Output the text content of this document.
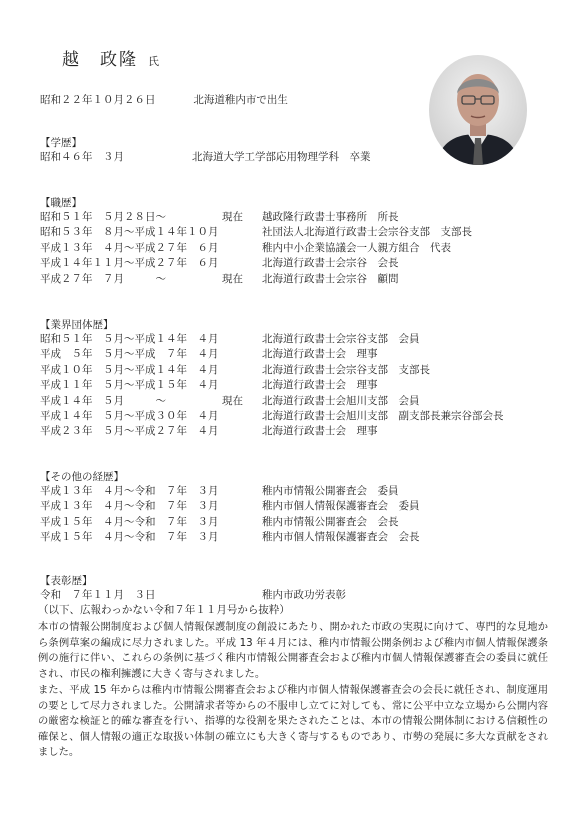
越　政隆 氏
昭和２２年１０月２６日	北海道稚内市で出生
【学歴】
昭和４６年　３月	北海道大学工学部応用物理学科　卒業
【職歴】
昭和５１年　５月２８日～	現在 越政隆行政書士事務所　所長
昭和５３年　８月～平成１４年１０月	社団法人北海道行政書士会宗谷支部　支部長
平成１３年　４月～平成２７年　６月	稚内中小企業協議会一人親方組合　代表
平成１４年１１月～平成２７年　６月	北海道行政書士会宗谷　会長
平成２７年　７月　　　～	現在 北海道行政書士会宗谷　顧問
【業界団体歴】
昭和５１年　５月～平成１４年　４月	北海道行政書士会宗谷支部　会員
平成　５年　５月～平成　７年　４月	北海道行政書士会　理事
平成１０年　５月～平成１４年　４月	北海道行政書士会宗谷支部　支部長
平成１１年　５月～平成１５年　４月	北海道行政書士会　理事
平成１４年　５月　　　～	現在 北海道行政書士会旭川支部　会員
平成１４年　５月～平成３０年　４月	北海道行政書士会旭川支部　副支部長兼宗谷部会長
平成２３年　５月～平成２７年　４月	北海道行政書士会　理事
【その他の経歴】
平成１３年　４月～令和　７年　３月	稚内市情報公開審査会　委員
平成１３年　４月～令和　７年　３月	稚内市個人情報保護審査会　委員
平成１５年　４月～令和　７年　３月	稚内市情報公開審査会　会長
平成１５年　４月～令和　７年　３月	稚内市個人情報保護審査会　会長
【表彰歴】
令和　７年１１月　３日	稚内市政功労表彰
（以下、広報わっかない令和７年１１月号から抜粋）
本市の情報公開制度および個人情報保護制度の創設にあたり、開かれた市政の実現に向けて、専門的な見地から条例草案の編成に尽力されました。平成 13 年４月には、稚内市情報公開条例および稚内市個人情報保護条例の施行に伴い、これらの条例に基づく稚内市情報公開審査会および稚内市個人情報保護審査会の委員に就任され、市民の権利擁護に大きく寄与されました。
また、平成 15 年からは稚内市情報公開審査会および稚内市個人情報保護審査会の会長に就任され、制度運用の要として尽力されました。公開請求者等からの不服申し立てに対しても、常に公平中立な立場から公開内容の厳密な検証と的確な審査を行い、指導的な役割を果たされたことは、本市の情報公開体制における信頼性の確保と、個人情報の適正な取扱い体制の確立にも大きく寄与するものであり、市勢の発展に多大な貢献をされました。
